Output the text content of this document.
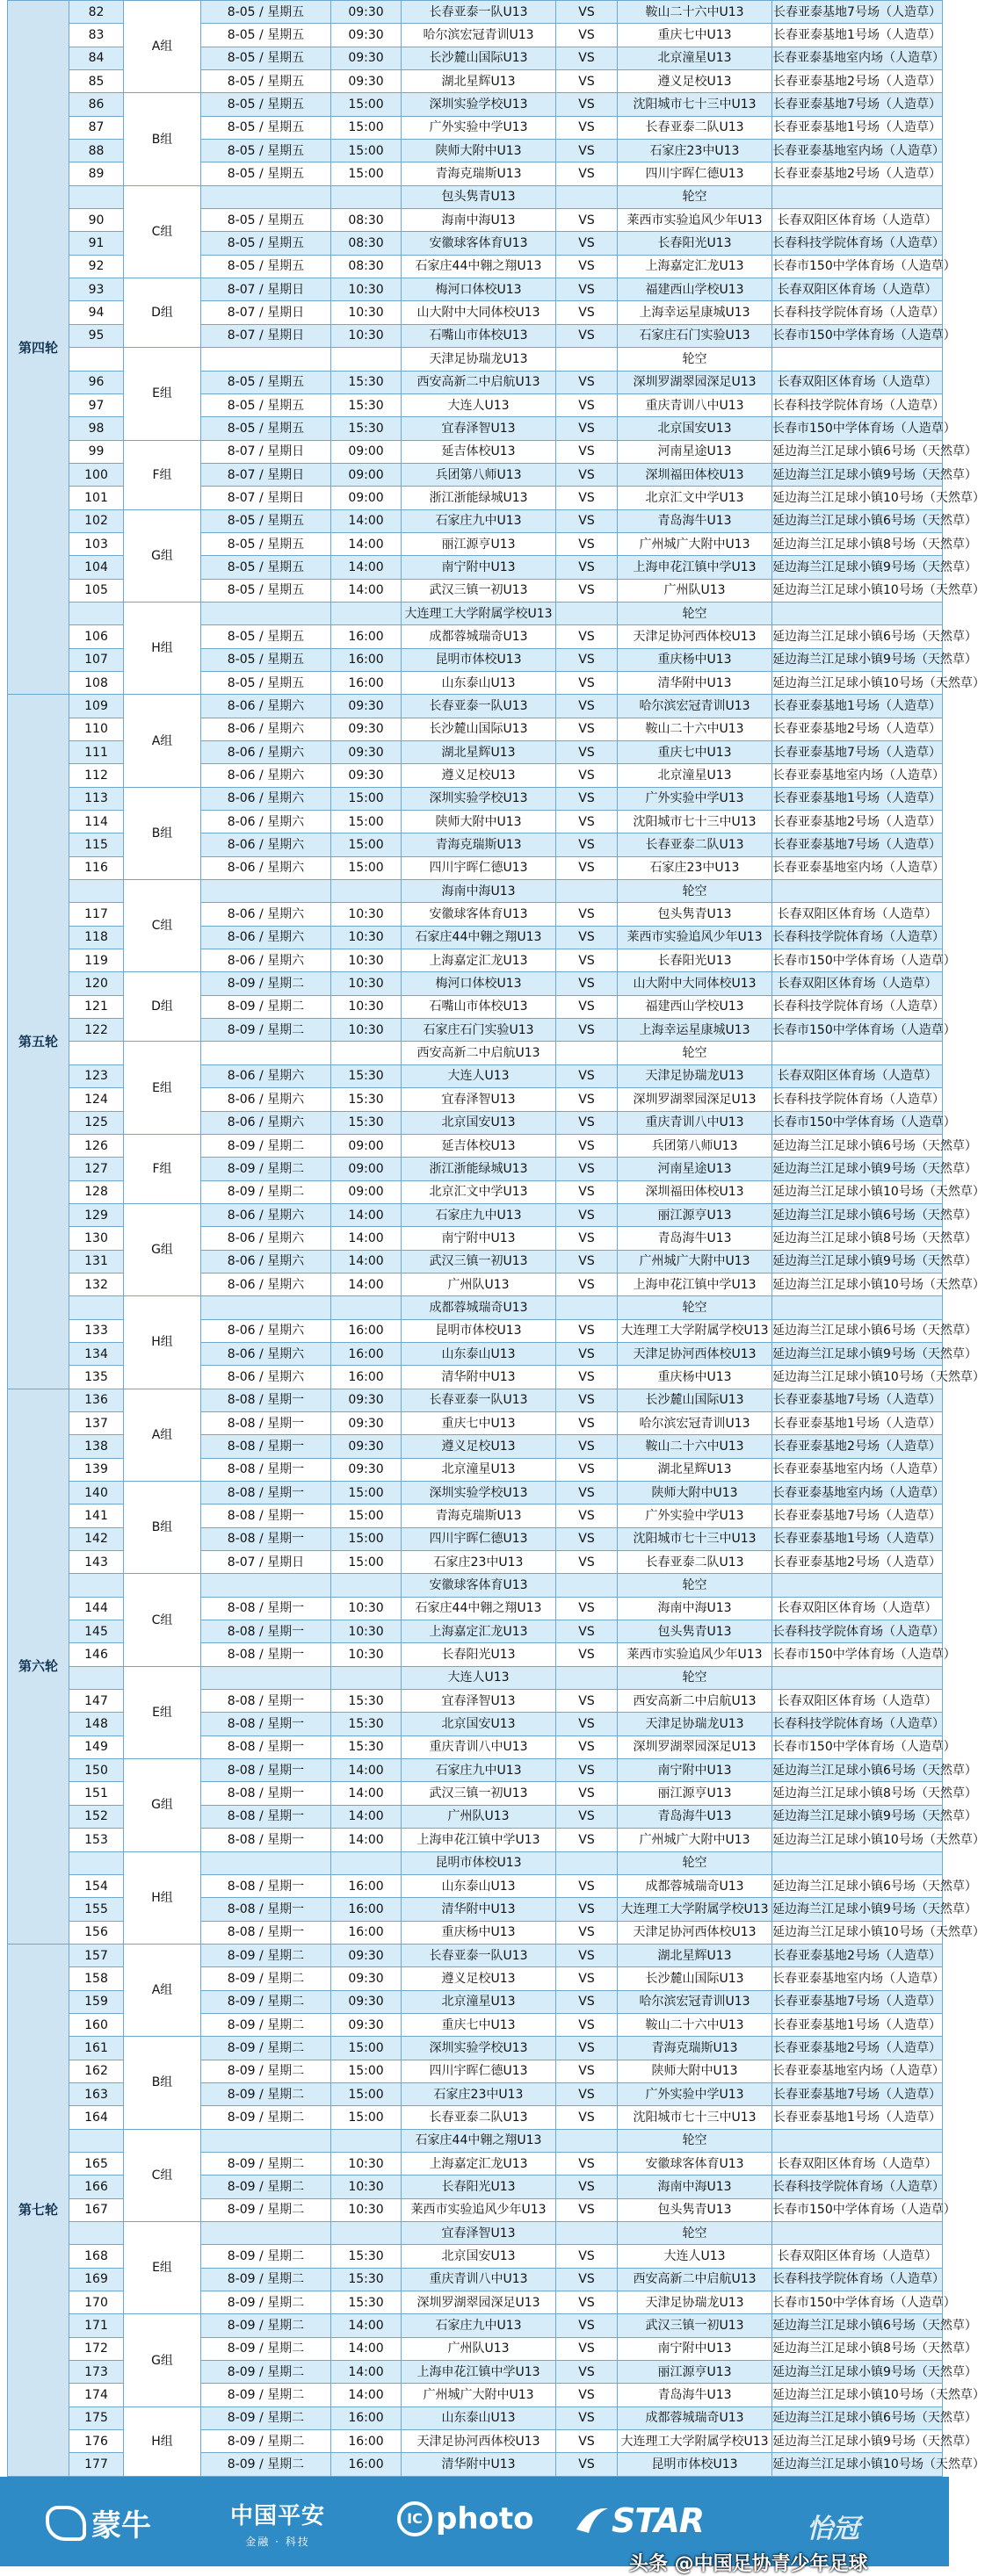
第四轮	82	A组	8-05 / 星期五	09:30	长春亚泰一队U13	VS	鞍山二十六中U13	长春亚泰基地7号场（人造草）
	83		8-05 / 星期五	09:30	哈尔滨宏冠青训U13	VS	重庆七中U13	长春亚泰基地1号场（人造草）
	84		8-05 / 星期五	09:30	长沙麓山国际U13	VS	北京潼星U13	长春亚泰基地室内场（人造草）
	85		8-05 / 星期五	09:30	湖北星辉U13	VS	遵义足校U13	长春亚泰基地2号场（人造草）
	86	B组	8-05 / 星期五	15:00	深圳实验学校U13	VS	沈阳城市七十三中U13	长春亚泰基地7号场（人造草）
	87		8-05 / 星期五	15:00	广外实验中学U13	VS	长春亚泰二队U13	长春亚泰基地1号场（人造草）
	88		8-05 / 星期五	15:00	陕师大附中U13	VS	石家庄23中U13	长春亚泰基地室内场（人造草）
	89		8-05 / 星期五	15:00	青海克瑞斯U13	VS	四川宇晖仁德U13	长春亚泰基地2号场（人造草）
		C组			包头隽青U13		轮空	
	90		8-05 / 星期五	08:30	海南中海U13	VS	莱西市实验追风少年U13	长春双阳区体育场（人造草）
	91		8-05 / 星期五	08:30	安徽球客体育U13	VS	长春阳光U13	长春科技学院体育场（人造草）
	92		8-05 / 星期五	08:30	石家庄44中翱之翔U13	VS	上海嘉定汇龙U13	长春市150中学体育场（人造草）
	93	D组	8-07 / 星期日	10:30	梅河口体校U13	VS	福建西山学校U13	长春双阳区体育场（人造草）
	94		8-07 / 星期日	10:30	山大附中大同体校U13	VS	上海幸运星康城U13	长春科技学院体育场（人造草）
	95		8-07 / 星期日	10:30	石嘴山市体校U13	VS	石家庄石门实验U13	长春市150中学体育场（人造草）
		E组			天津足协瑞龙U13		轮空	
	96		8-05 / 星期五	15:30	西安高新二中启航U13	VS	深圳罗湖翠园深足U13	长春双阳区体育场（人造草）
	97		8-05 / 星期五	15:30	大连人U13	VS	重庆青训八中U13	长春科技学院体育场（人造草）
	98		8-05 / 星期五	15:30	宜春泽智U13	VS	北京国安U13	长春市150中学体育场（人造草）
	99	F组	8-07 / 星期日	09:00	延吉体校U13	VS	河南星途U13	延边海兰江足球小镇6号场（天然草）
	100		8-07 / 星期日	09:00	兵团第八师U13	VS	深圳福田体校U13	延边海兰江足球小镇9号场（天然草）
	101		8-07 / 星期日	09:00	浙江浙能绿城U13	VS	北京汇文中学U13	延边海兰江足球小镇10号场（天然草）
	102	G组	8-05 / 星期五	14:00	石家庄九中U13	VS	青岛海牛U13	延边海兰江足球小镇6号场（天然草）
	103		8-05 / 星期五	14:00	丽江源亨U13	VS	广州城广大附中U13	延边海兰江足球小镇8号场（天然草）
	104		8-05 / 星期五	14:00	南宁附中U13	VS	上海申花江镇中学U13	延边海兰江足球小镇9号场（天然草）
	105		8-05 / 星期五	14:00	武汉三镇一初U13	VS	广州队U13	延边海兰江足球小镇10号场（天然草）
		H组			大连理工大学附属学校U13		轮空	
	106		8-05 / 星期五	16:00	成都蓉城瑞奇U13	VS	天津足协河西体校U13	延边海兰江足球小镇6号场（天然草）
	107		8-05 / 星期五	16:00	昆明市体校U13	VS	重庆杨中U13	延边海兰江足球小镇9号场（天然草）
	108		8-05 / 星期五	16:00	山东泰山U13	VS	清华附中U13	延边海兰江足球小镇10号场（天然草）
第五轮	109	A组	8-06 / 星期六	09:30	长春亚泰一队U13	VS	哈尔滨宏冠青训U13	长春亚泰基地1号场（人造草）
	110		8-06 / 星期六	09:30	长沙麓山国际U13	VS	鞍山二十六中U13	长春亚泰基地2号场（人造草）
	111		8-06 / 星期六	09:30	湖北星辉U13	VS	重庆七中U13	长春亚泰基地7号场（人造草）
	112		8-06 / 星期六	09:30	遵义足校U13	VS	北京潼星U13	长春亚泰基地室内场（人造草）
	113	B组	8-06 / 星期六	15:00	深圳实验学校U13	VS	广外实验中学U13	长春亚泰基地1号场（人造草）
	114		8-06 / 星期六	15:00	陕师大附中U13	VS	沈阳城市七十三中U13	长春亚泰基地2号场（人造草）
	115		8-06 / 星期六	15:00	青海克瑞斯U13	VS	长春亚泰二队U13	长春亚泰基地7号场（人造草）
	116		8-06 / 星期六	15:00	四川宇晖仁德U13	VS	石家庄23中U13	长春亚泰基地室内场（人造草）
		C组			海南中海U13		轮空	
	117		8-06 / 星期六	10:30	安徽球客体育U13	VS	包头隽青U13	长春双阳区体育场（人造草）
	118		8-06 / 星期六	10:30	石家庄44中翱之翔U13	VS	莱西市实验追风少年U13	长春科技学院体育场（人造草）
	119		8-06 / 星期六	10:30	上海嘉定汇龙U13	VS	长春阳光U13	长春市150中学体育场（人造草）
	120	D组	8-09 / 星期二	10:30	梅河口体校U13	VS	山大附中大同体校U13	长春双阳区体育场（人造草）
	121		8-09 / 星期二	10:30	石嘴山市体校U13	VS	福建西山学校U13	长春科技学院体育场（人造草）
	122		8-09 / 星期二	10:30	石家庄石门实验U13	VS	上海幸运星康城U13	长春市150中学体育场（人造草）
		E组			西安高新二中启航U13		轮空	
	123		8-06 / 星期六	15:30	大连人U13	VS	天津足协瑞龙U13	长春双阳区体育场（人造草）
	124		8-06 / 星期六	15:30	宜春泽智U13	VS	深圳罗湖翠园深足U13	长春科技学院体育场（人造草）
	125		8-06 / 星期六	15:30	北京国安U13	VS	重庆青训八中U13	长春市150中学体育场（人造草）
	126	F组	8-09 / 星期二	09:00	延吉体校U13	VS	兵团第八师U13	延边海兰江足球小镇6号场（天然草）
	127		8-09 / 星期二	09:00	浙江浙能绿城U13	VS	河南星途U13	延边海兰江足球小镇9号场（天然草）
	128		8-09 / 星期二	09:00	北京汇文中学U13	VS	深圳福田体校U13	延边海兰江足球小镇10号场（天然草）
	129	G组	8-06 / 星期六	14:00	石家庄九中U13	VS	丽江源亨U13	延边海兰江足球小镇6号场（天然草）
	130		8-06 / 星期六	14:00	南宁附中U13	VS	青岛海牛U13	延边海兰江足球小镇8号场（天然草）
	131		8-06 / 星期六	14:00	武汉三镇一初U13	VS	广州城广大附中U13	延边海兰江足球小镇9号场（天然草）
	132		8-06 / 星期六	14:00	广州队U13	VS	上海申花江镇中学U13	延边海兰江足球小镇10号场（天然草）
		H组			成都蓉城瑞奇U13		轮空	
	133		8-06 / 星期六	16:00	昆明市体校U13	VS	大连理工大学附属学校U13	延边海兰江足球小镇6号场（天然草）
	134		8-06 / 星期六	16:00	山东泰山U13	VS	天津足协河西体校U13	延边海兰江足球小镇9号场（天然草）
	135		8-06 / 星期六	16:00	清华附中U13	VS	重庆杨中U13	延边海兰江足球小镇10号场（天然草）
第六轮	136	A组	8-08 / 星期一	09:30	长春亚泰一队U13	VS	长沙麓山国际U13	长春亚泰基地7号场（人造草）
	137		8-08 / 星期一	09:30	重庆七中U13	VS	哈尔滨宏冠青训U13	长春亚泰基地1号场（人造草）
	138		8-08 / 星期一	09:30	遵义足校U13	VS	鞍山二十六中U13	长春亚泰基地2号场（人造草）
	139		8-08 / 星期一	09:30	北京潼星U13	VS	湖北星辉U13	长春亚泰基地室内场（人造草）
	140	B组	8-08 / 星期一	15:00	深圳实验学校U13	VS	陕师大附中U13	长春亚泰基地室内场（人造草）
	141		8-08 / 星期一	15:00	青海克瑞斯U13	VS	广外实验中学U13	长春亚泰基地7号场（人造草）
	142		8-08 / 星期一	15:00	四川宇晖仁德U13	VS	沈阳城市七十三中U13	长春亚泰基地1号场（人造草）
	143		8-07 / 星期日	15:00	石家庄23中U13	VS	长春亚泰二队U13	长春亚泰基地2号场（人造草）
		C组			安徽球客体育U13		轮空	
	144		8-08 / 星期一	10:30	石家庄44中翱之翔U13	VS	海南中海U13	长春双阳区体育场（人造草）
	145		8-08 / 星期一	10:30	上海嘉定汇龙U13	VS	包头隽青U13	长春科技学院体育场（人造草）
	146		8-08 / 星期一	10:30	长春阳光U13	VS	莱西市实验追风少年U13	长春市150中学体育场（人造草）
		E组			大连人U13		轮空	
	147		8-08 / 星期一	15:30	宜春泽智U13	VS	西安高新二中启航U13	长春双阳区体育场（人造草）
	148		8-08 / 星期一	15:30	北京国安U13	VS	天津足协瑞龙U13	长春科技学院体育场（人造草）
	149		8-08 / 星期一	15:30	重庆青训八中U13	VS	深圳罗湖翠园深足U13	长春市150中学体育场（人造草）
	150	G组	8-08 / 星期一	14:00	石家庄九中U13	VS	南宁附中U13	延边海兰江足球小镇6号场（天然草）
	151		8-08 / 星期一	14:00	武汉三镇一初U13	VS	丽江源亨U13	延边海兰江足球小镇8号场（天然草）
	152		8-08 / 星期一	14:00	广州队U13	VS	青岛海牛U13	延边海兰江足球小镇9号场（天然草）
	153		8-08 / 星期一	14:00	上海申花江镇中学U13	VS	广州城广大附中U13	延边海兰江足球小镇10号场（天然草）
		H组			昆明市体校U13		轮空	
	154		8-08 / 星期一	16:00	山东泰山U13	VS	成都蓉城瑞奇U13	延边海兰江足球小镇6号场（天然草）
	155		8-08 / 星期一	16:00	清华附中U13	VS	大连理工大学附属学校U13	延边海兰江足球小镇9号场（天然草）
	156		8-08 / 星期一	16:00	重庆杨中U13	VS	天津足协河西体校U13	延边海兰江足球小镇10号场（天然草）
第七轮	157	A组	8-09 / 星期二	09:30	长春亚泰一队U13	VS	湖北星辉U13	长春亚泰基地2号场（人造草）
	158		8-09 / 星期二	09:30	遵义足校U13	VS	长沙麓山国际U13	长春亚泰基地室内场（人造草）
	159		8-09 / 星期二	09:30	北京潼星U13	VS	哈尔滨宏冠青训U13	长春亚泰基地7号场（人造草）
	160		8-09 / 星期二	09:30	重庆七中U13	VS	鞍山二十六中U13	长春亚泰基地1号场（人造草）
	161	B组	8-09 / 星期二	15:00	深圳实验学校U13	VS	青海克瑞斯U13	长春亚泰基地2号场（人造草）
	162		8-09 / 星期二	15:00	四川宇晖仁德U13	VS	陕师大附中U13	长春亚泰基地室内场（人造草）
	163		8-09 / 星期二	15:00	石家庄23中U13	VS	广外实验中学U13	长春亚泰基地7号场（人造草）
	164		8-09 / 星期二	15:00	长春亚泰二队U13	VS	沈阳城市七十三中U13	长春亚泰基地1号场（人造草）
		C组			石家庄44中翱之翔U13		轮空	
	165		8-09 / 星期二	10:30	上海嘉定汇龙U13	VS	安徽球客体育U13	长春双阳区体育场（人造草）
	166		8-09 / 星期二	10:30	长春阳光U13	VS	海南中海U13	长春科技学院体育场（人造草）
	167		8-09 / 星期二	10:30	莱西市实验追风少年U13	VS	包头隽青U13	长春市150中学体育场（人造草）
		E组			宜春泽智U13		轮空	
	168		8-09 / 星期二	15:30	北京国安U13	VS	大连人U13	长春双阳区体育场（人造草）
	169		8-09 / 星期二	15:30	重庆青训八中U13	VS	西安高新二中启航U13	长春科技学院体育场（人造草）
	170		8-09 / 星期二	15:30	深圳罗湖翠园深足U13	VS	天津足协瑞龙U13	长春市150中学体育场（人造草）
	171	G组	8-09 / 星期二	14:00	石家庄九中U13	VS	武汉三镇一初U13	延边海兰江足球小镇6号场（天然草）
	172		8-09 / 星期二	14:00	广州队U13	VS	南宁附中U13	延边海兰江足球小镇8号场（天然草）
	173		8-09 / 星期二	14:00	上海申花江镇中学U13	VS	丽江源亨U13	延边海兰江足球小镇9号场（天然草）
	174		8-09 / 星期二	14:00	广州城广大附中U13	VS	青岛海牛U13	延边海兰江足球小镇10号场（天然草）
	175	H组	8-09 / 星期二	16:00	山东泰山U13	VS	成都蓉城瑞奇U13	延边海兰江足球小镇6号场（天然草）
	176		8-09 / 星期二	16:00	天津足协河西体校U13	VS	大连理工大学附属学校U13	延边海兰江足球小镇9号场（天然草）
	177		8-09 / 星期二	16:00	清华附中U13	VS	昆明市体校U13	延边海兰江足球小镇10号场（天然草）
蒙牛	中国平安
金融 · 科技
IC photo	STAR	怡冠
头条 @中国足协青少年足球
